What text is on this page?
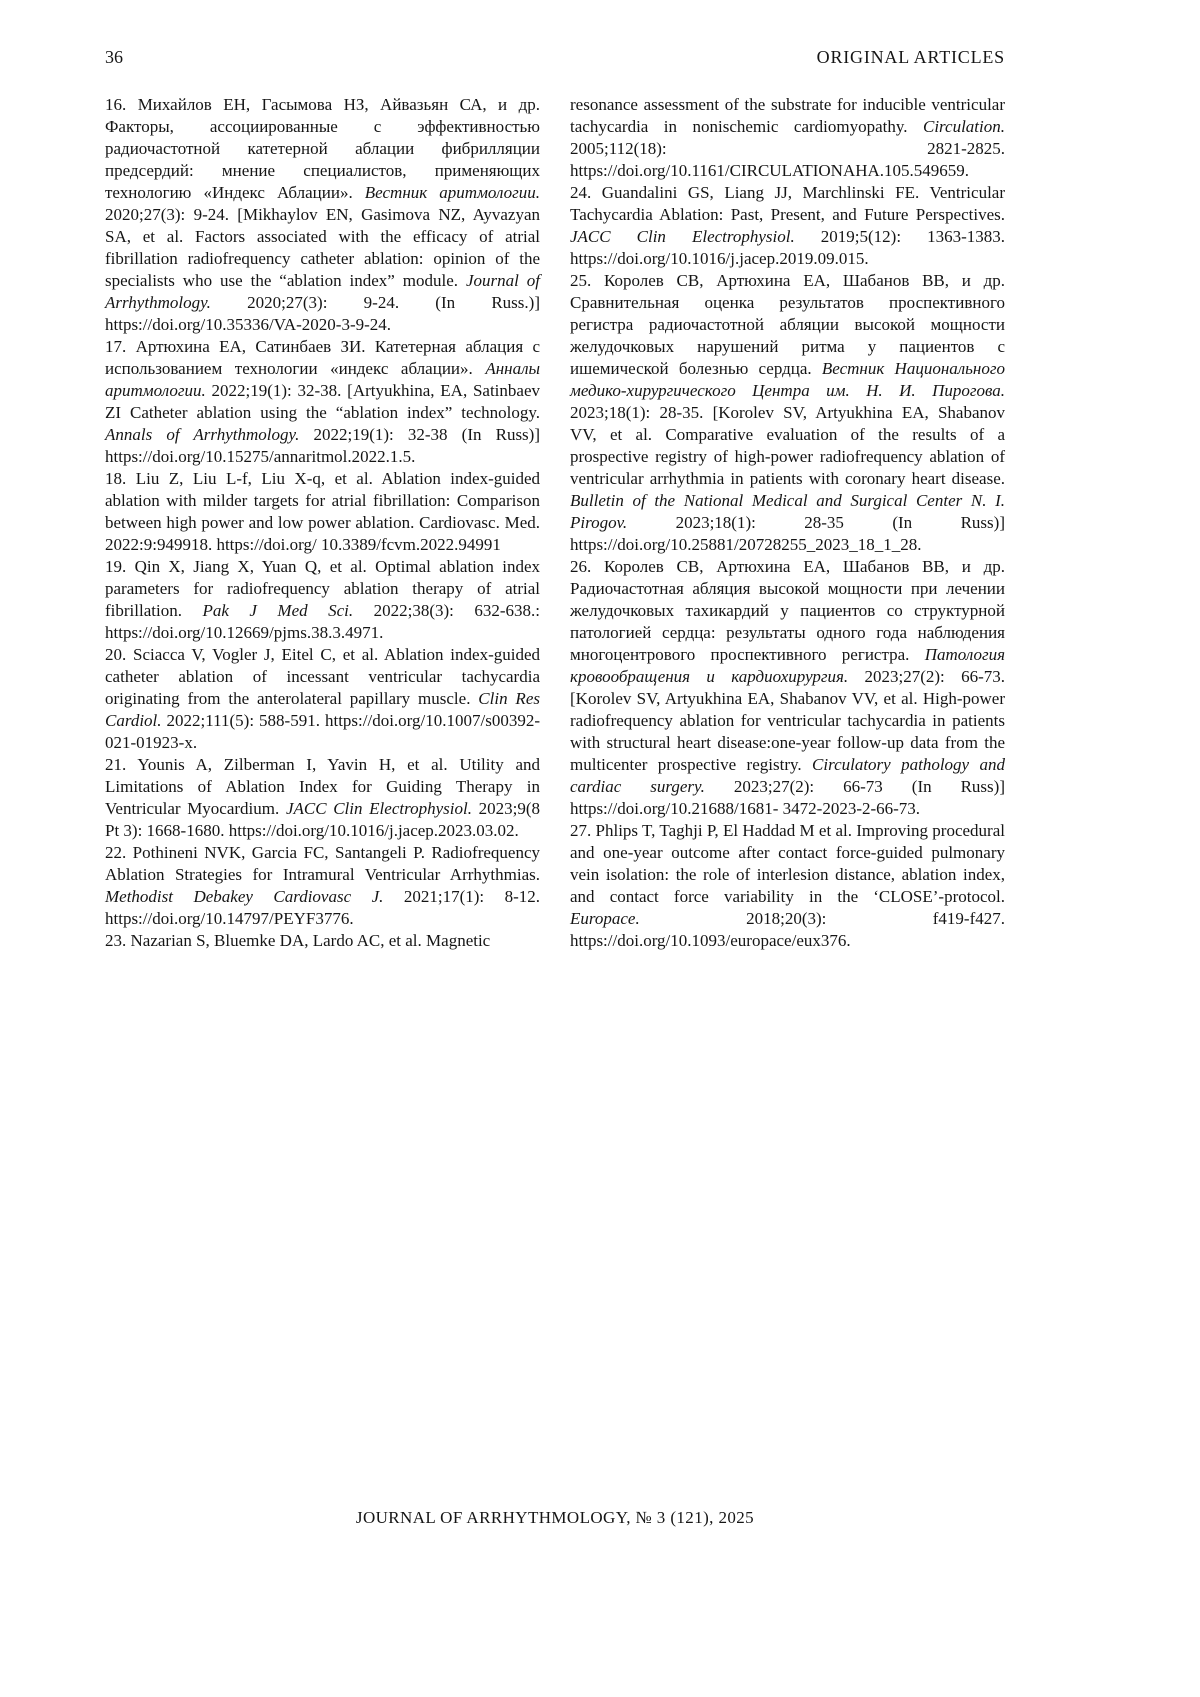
36	ORIGINAL ARTICLES

16. Михайлов ЕН, Гасымова НЗ, Айвазьян СА, и др. Факторы, ассоциированные с эффективностью радиочастотной катетерной аблации фибрилляции предсердий: мнение специалистов, применяющих технологию «Индекс Аблации». Вестник аритмологии. 2020;27(3): 9-24. [Mikhaylov EN, Gasimova NZ, Ayvazyan SA, et al. Factors associated with the efficacy of atrial fibrillation radiofrequency catheter ablation: opinion of the specialists who use the “ablation index” module. Journal of Arrhythmology. 2020;27(3): 9-24. (In Russ.)] https://doi.org/10.35336/VA-2020-3-9-24.

17. Артюхина ЕА, Сатинбаев ЗИ. Катетерная аблация с использованием технологии «индекс аблации». Анналы аритмологии. 2022;19(1): 32-38. [Artyukhina, EA, Satinbaev ZI Catheter ablation using the “ablation index” technology. Annals of Arrhythmology. 2022;19(1): 32-38 (In Russ)] https://doi.org/10.15275/annaritmol.2022.1.5.

18. Liu Z, Liu L-f, Liu X-q, et al. Ablation index-guided ablation with milder targets for atrial fibrillation: Comparison between high power and low power ablation. Cardiovasc. Med. 2022:9:949918. https://doi.org/ 10.3389/fcvm.2022.94991

19. Qin X, Jiang X, Yuan Q, et al. Optimal ablation index parameters for radiofrequency ablation therapy of atrial fibrillation. Pak J Med Sci. 2022;38(3): 632-638.: https://doi.org/10.12669/pjms.38.3.4971.

20. Sciacca V, Vogler J, Eitel C, et al. Ablation index-guided catheter ablation of incessant ventricular tachycardia originating from the anterolateral papillary muscle. Clin Res Cardiol. 2022;111(5): 588-591. https://doi.org/10.1007/s00392-021-01923-x.

21. Younis A, Zilberman I, Yavin H, et al. Utility and Limitations of Ablation Index for Guiding Therapy in Ventricular Myocardium. JACC Clin Electrophysiol. 2023;9(8 Pt 3): 1668-1680. https://doi.org/10.1016/j.jacep.2023.03.02.

22. Pothineni NVK, Garcia FC, Santangeli P. Radiofrequency Ablation Strategies for Intramural Ventricular Arrhythmias. Methodist Debakey Cardiovasc J. 2021;17(1): 8-12. https://doi.org/10.14797/PEYF3776.

23. Nazarian S, Bluemke DA, Lardo AC, et al. Magnetic

resonance assessment of the substrate for inducible ventricular tachycardia in nonischemic cardiomyopathy. Circulation. 2005;112(18): 2821-2825. https://doi.org/10.1161/CIRCULATIONAHA.105.549659.

24. Guandalini GS, Liang JJ, Marchlinski FE. Ventricular Tachycardia Ablation: Past, Present, and Future Perspectives. JACC Clin Electrophysiol. 2019;5(12): 1363-1383. https://doi.org/10.1016/j.jacep.2019.09.015.

25. Королев СВ, Артюхина ЕА, Шабанов ВВ, и др. Сравнительная оценка результатов проспективного регистра радиочастотной абляции высокой мощности желудочковых нарушений ритма у пациентов с ишемической болезнью сердца. Вестник Национального медико-хирургического Центра им. Н. И. Пирогова. 2023;18(1): 28-35. [Korolev SV, Artyukhina EA, Shabanov VV, et al. Comparative evaluation of the results of a prospective registry of high-power radiofrequency ablation of ventricular arrhythmia in patients with coronary heart disease. Bulletin of the National Medical and Surgical Center N. I. Pirogov. 2023;18(1): 28-35 (In Russ)] https://doi.org/10.25881/20728255_2023_18_1_28.

26. Королев СВ, Артюхина ЕА, Шабанов ВВ, и др. Радиочастотная абляция высокой мощности при лечении желудочковых тахикардий у пациентов со структурной патологией сердца: результаты одного года наблюдения многоцентрового проспективного регистра. Патология кровообращения и кардиохирургия. 2023;27(2): 66-73. [Korolev SV, Artyukhina EA, Shabanov VV, et al. High-power radiofrequency ablation for ventricular tachycardia in patients with structural heart disease:one-year follow-up data from the multicenter prospective registry. Circulatory pathology and cardiac surgery. 2023;27(2): 66-73 (In Russ)] https://doi.org/10.21688/1681- 3472-2023-2-66-73.

27. Phlips T, Taghji P, El Haddad M et al. Improving procedural and one-year outcome after contact force-guided pulmonary vein isolation: the role of interlesion distance, ablation index, and contact force variability in the ‘CLOSE’-protocol. Europace. 2018;20(3): f419-f427. https://doi.org/10.1093/europace/eux376.

JOURNAL OF ARRHYTHMOLOGY, № 3 (121), 2025
